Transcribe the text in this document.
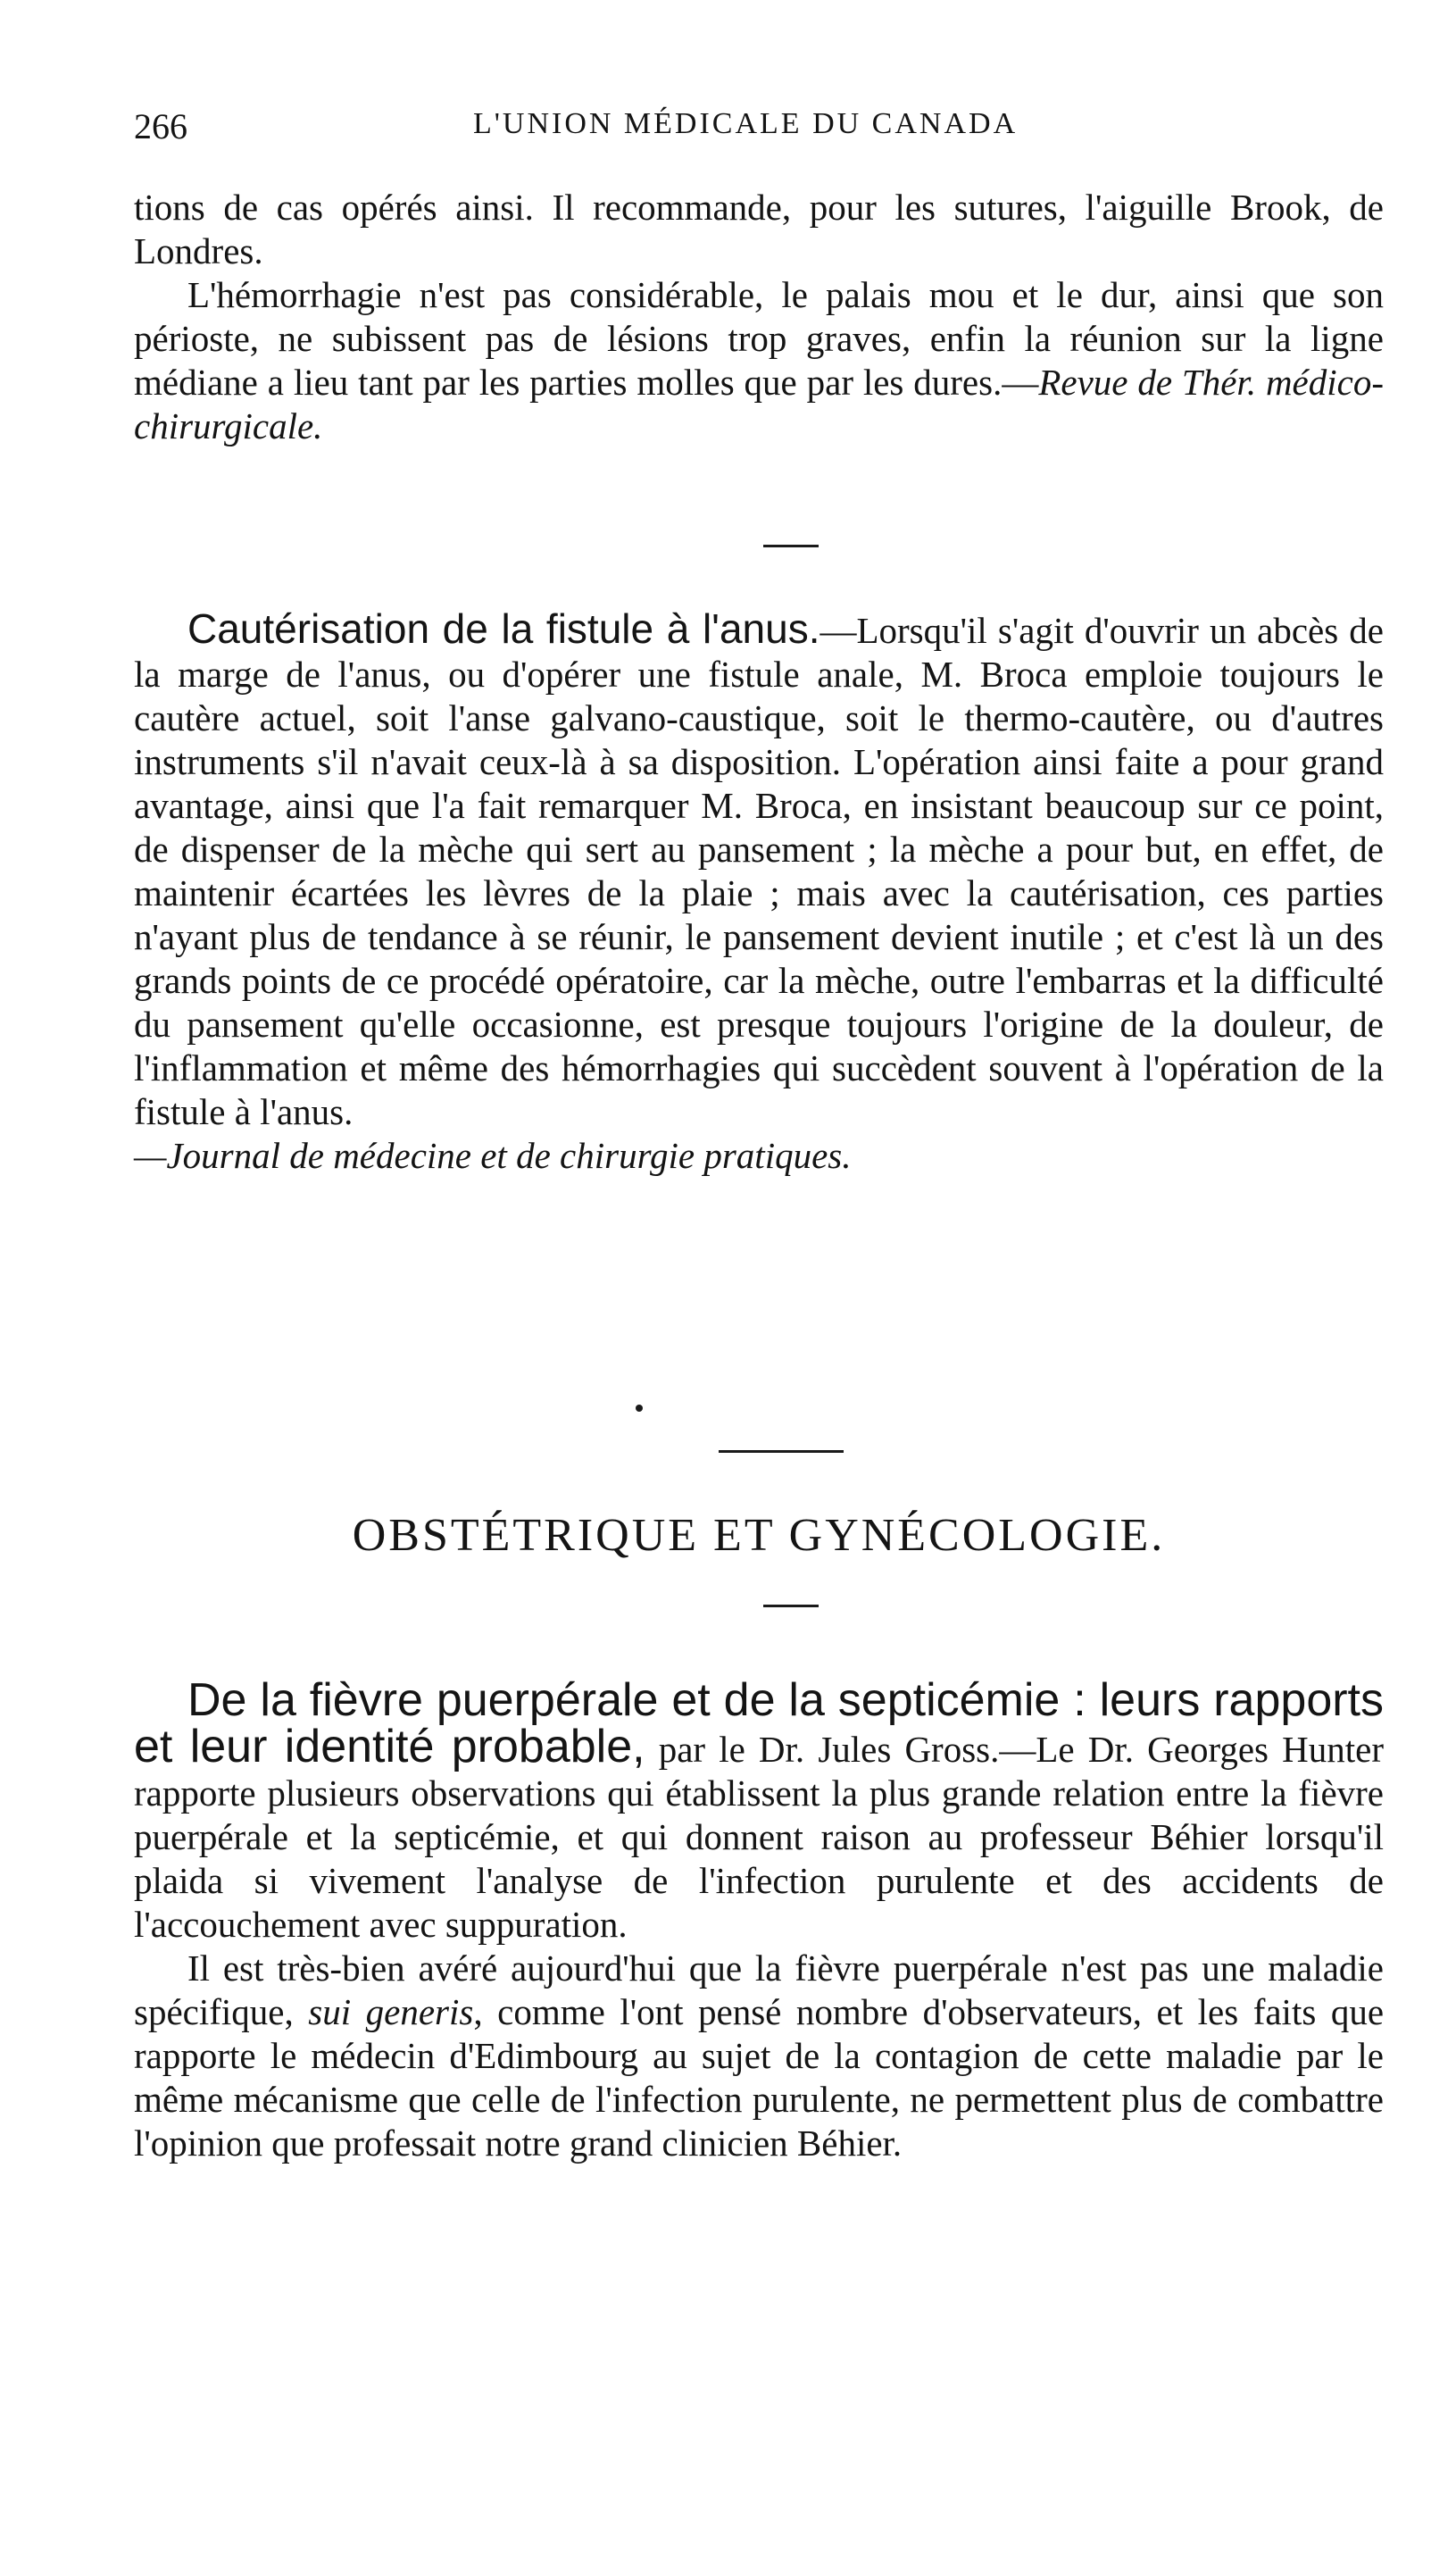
266	L'UNION MÉDICALE DU CANADA

tions de cas opérés ainsi. Il recommande, pour les sutures, l'aiguille Brook, de Londres.

L'hémorrhagie n'est pas considérable, le palais mou et le dur, ainsi que son périoste, ne subissent pas de lésions trop graves, enfin la réunion sur la ligne médiane a lieu tant par les parties molles que par les dures.—Revue de Thér. médico-chirurgicale.

Cautérisation de la fistule à l'anus.—Lorsqu'il s'agit d'ouvrir un abcès de la marge de l'anus, ou d'opérer une fistule anale, M. Broca emploie toujours le cautère actuel, soit l'anse galvano-caustique, soit le thermo-cautère, ou d'autres instruments s'il n'avait ceux-là à sa disposition. L'opération ainsi faite a pour grand avantage, ainsi que l'a fait remarquer M. Broca, en insistant beaucoup sur ce point, de dispenser de la mèche qui sert au pansement ; la mèche a pour but, en effet, de maintenir écartées les lèvres de la plaie ; mais avec la cautérisation, ces parties n'ayant plus de tendance à se réunir, le pansement devient inutile ; et c'est là un des grands points de ce procédé opératoire, car la mèche, outre l'embarras et la difficulté du pansement qu'elle occasionne, est presque toujours l'origine de la douleur, de l'inflammation et même des hémorrhagies qui succèdent souvent à l'opération de la fistule à l'anus.

—Journal de médecine et de chirurgie pratiques.

OBSTÉTRIQUE ET GYNÉCOLOGIE.

De la fièvre puerpérale et de la septicémie : leurs rapports et leur identité probable, par le Dr. Jules Gross.—Le Dr. Georges Hunter rapporte plusieurs observations qui établissent la plus grande relation entre la fièvre puerpérale et la septicémie, et qui donnent raison au professeur Béhier lorsqu'il plaida si vivement l'analyse de l'infection purulente et des accidents de l'accouchement avec suppuration.

Il est très-bien avéré aujourd'hui que la fièvre puerpérale n'est pas une maladie spécifique, sui generis, comme l'ont pensé nombre d'observateurs, et les faits que rapporte le médecin d'Edimbourg au sujet de la contagion de cette maladie par le même mécanisme que celle de l'infection purulente, ne permettent plus de combattre l'opinion que professait notre grand clinicien Béhier.
